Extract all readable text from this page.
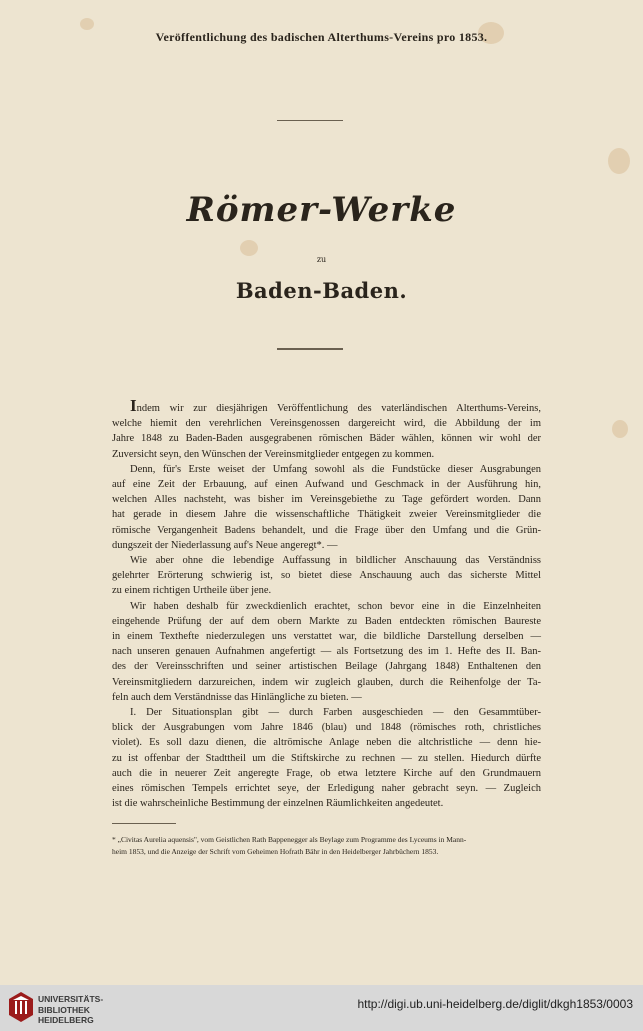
Veröffentlichung des badischen Alterthums-Vereins pro 1853.
Römer-Werke
zu
Baden-Baden.
Indem wir zur diesjährigen Veröffentlichung des vaterländischen Alterthums-Vereins,
welche hiemit den verehrlichen Vereinsgenossen dargereicht wird, die Abbildung der im
Jahre 1848 zu Baden-Baden ausgegrabenen römischen Bäder wählen, können wir wohl der
Zuversicht seyn, den Wünschen der Vereinsmitglieder entgegen zu kommen.
Denn, für's Erste weiset der Umfang sowohl als die Fundstücke dieser Ausgrabungen
auf eine Zeit der Erbauung, auf einen Aufwand und Geschmack in der Ausführung hin,
welchen Alles nachsteht, was bisher im Vereinsgebiethe zu Tage gefördert worden. Dann
hat gerade in diesem Jahre die wissenschaftliche Thätigkeit zweier Vereinsmitglieder die
römische Vergangenheit Badens behandelt, und die Frage über den Umfang und die Grün-
dungszeit der Niederlassung auf's Neue angeregt*. —
Wie aber ohne die lebendige Auffassung in bildlicher Anschauung das Verständniss
gelehrter Erörterung schwierig ist, so bietet diese Anschauung auch das sicherste Mittel
zu einem richtigen Urtheile über jene.
Wir haben deshalb für zweckdienlich erachtet, schon bevor eine in die Einzelnheiten
eingehende Prüfung der auf dem obern Markte zu Baden entdeckten römischen Baureste
in einem Texthefte niederzulegen uns verstattet war, die bildliche Darstellung derselben —
nach unseren genauen Aufnahmen angefertigt — als Fortsetzung des im 1. Hefte des II. Ban-
des der Vereinsschriften und seiner artistischen Beilage (Jahrgang 1848) Enthaltenen den
Vereinsmitgliedern darzureichen, indem wir zugleich glauben, durch die Reihenfolge der Ta-
feln auch dem Verständnisse das Hinlängliche zu bieten. —
I. Der Situationsplan gibt — durch Farben ausgeschieden — den Gesammtüber-
blick der Ausgrabungen vom Jahre 1846 (blau) und 1848 (römisches roth, christliches
violet). Es soll dazu dienen, die altrömische Anlage neben die altchristliche — denn hie-
zu ist offenbar der Stadttheil um die Stiftskirche zu rechnen — zu stellen. Hiedurch dürfte
auch die in neuerer Zeit angeregte Frage, ob etwa letztere Kirche auf den Grundmauern
eines römischen Tempels errichtet seye, der Erledigung naher gebracht seyn. — Zugleich
ist die wahrscheinliche Bestimmung der einzelnen Räumlichkeiten angedeutet.
* „Civitas Aurelia aquensis", vom Geistlichen Rath Bappenegger als Beylage zum Programme des Lyceums in Mann-
heim 1853, und die Anzeige der Schrift vom Geheimen Hofrath Bähr in den Heidelberger Jahrbüchern 1853.
UNIVERSITÄTS-
BIBLIOTHEK
HEIDELBERG
http://digi.ub.uni-heidelberg.de/diglit/dkgh1853/0003
